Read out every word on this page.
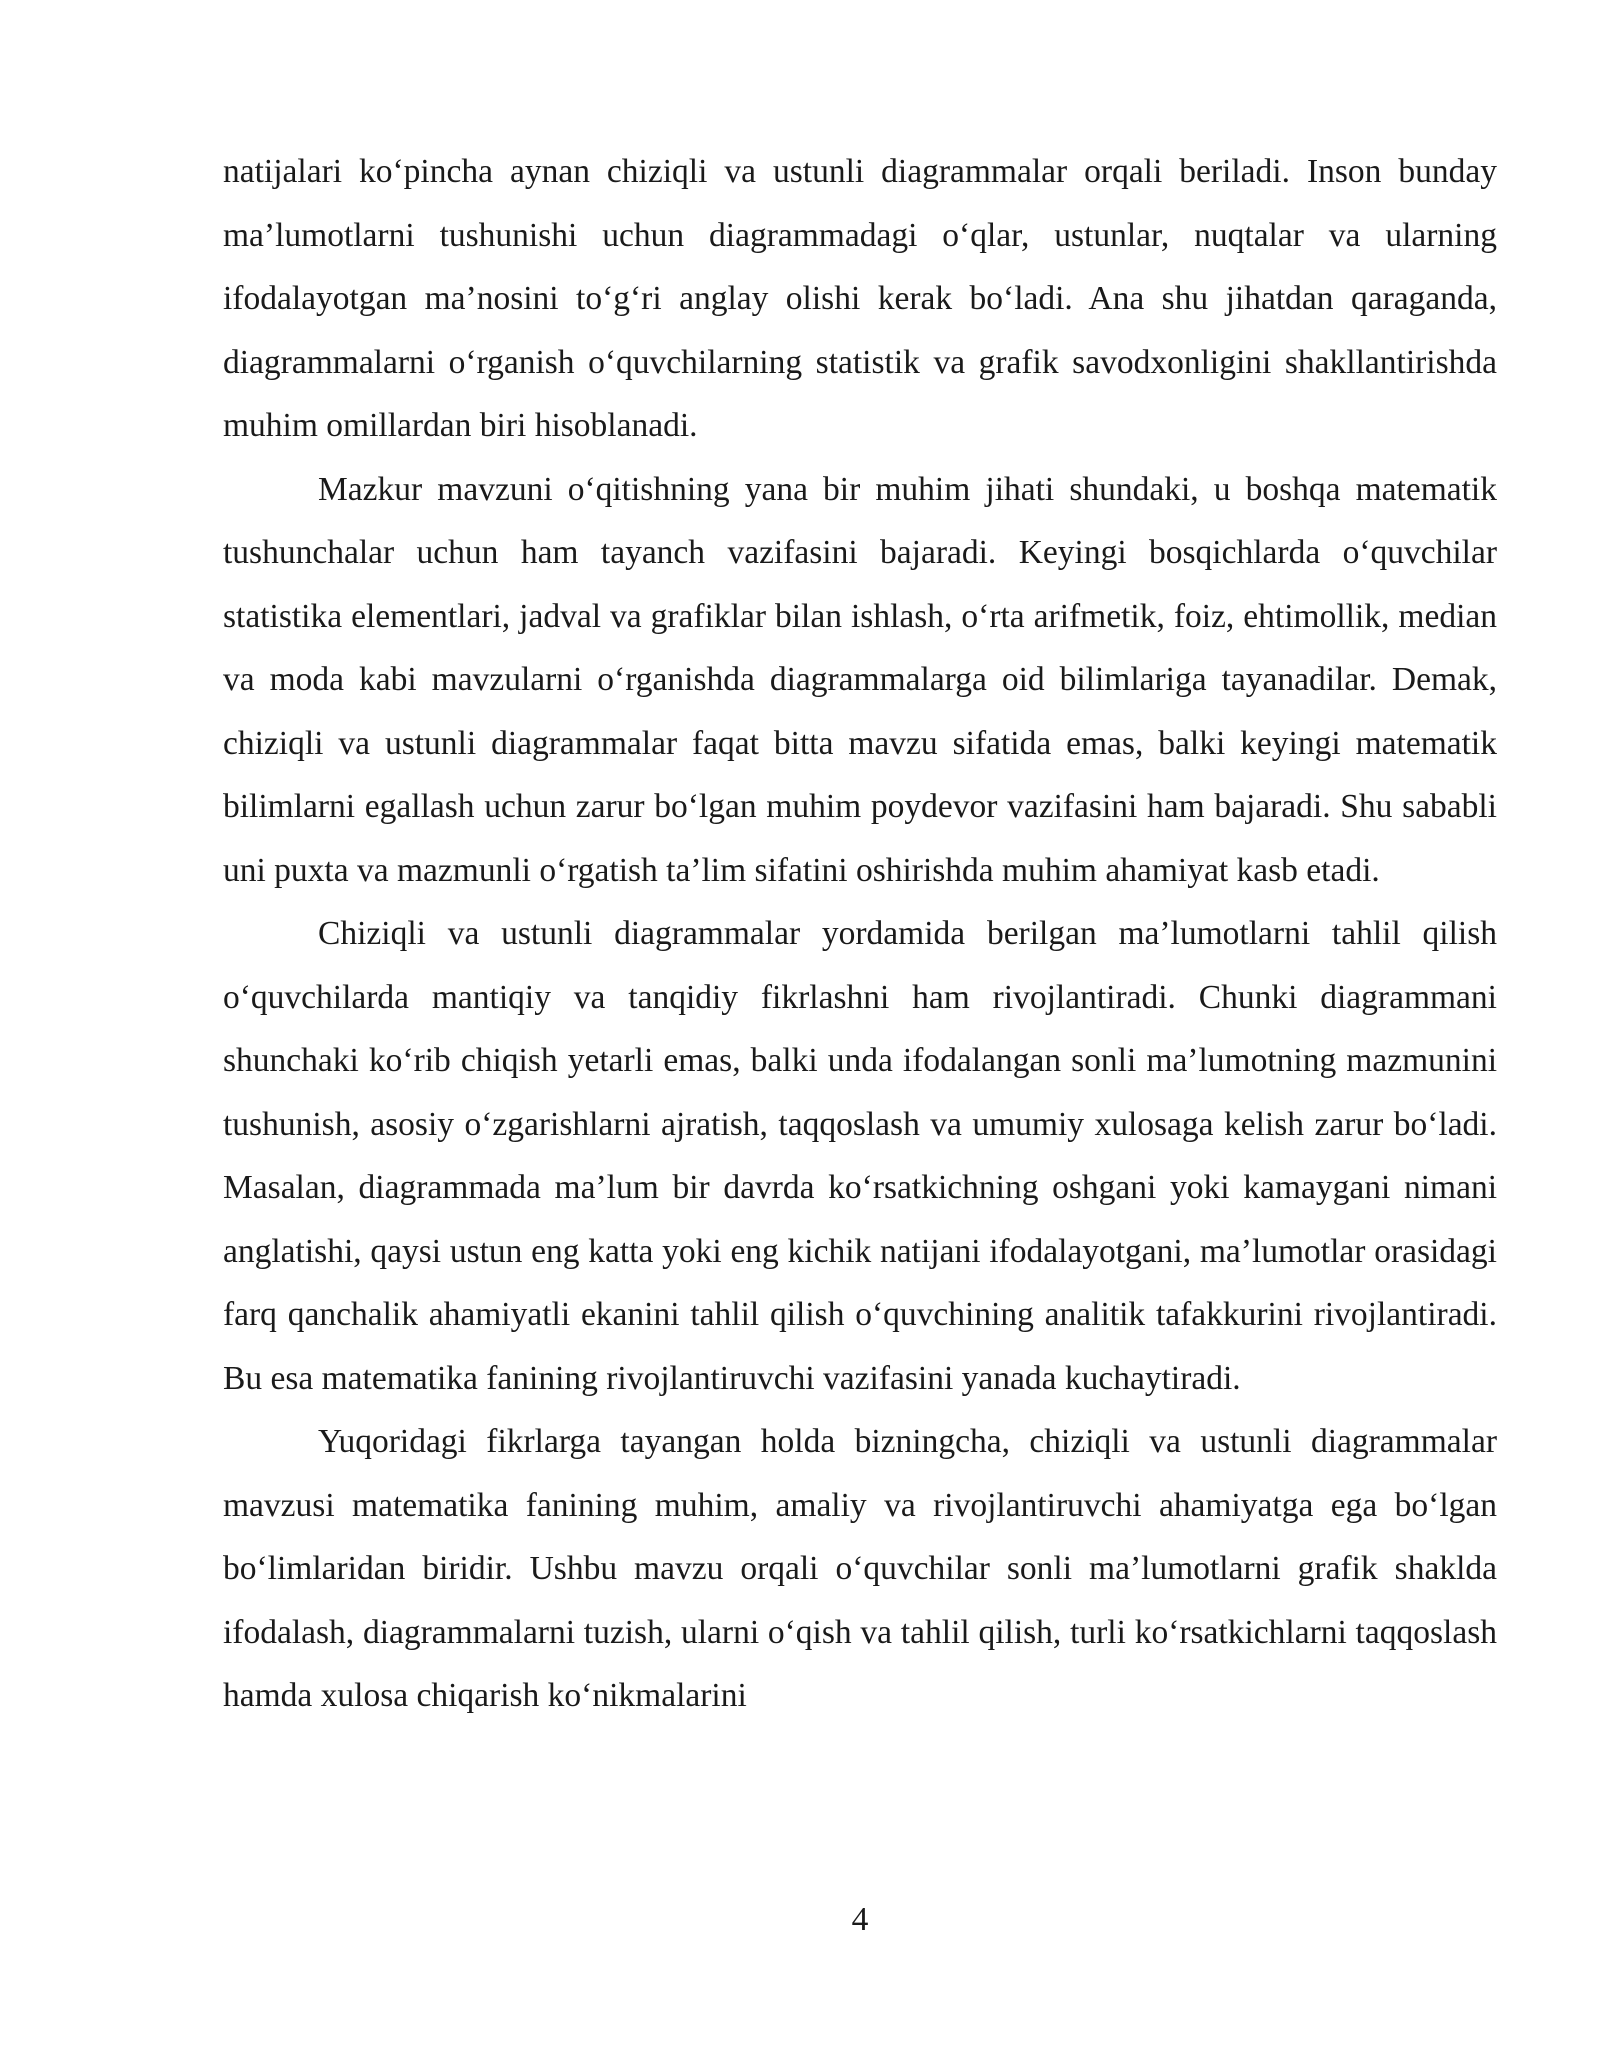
natijalari ko‘pincha aynan chiziqli va ustunli diagrammalar orqali beriladi. Inson bunday ma’lumotlarni tushunishi uchun diagrammadagi o‘qlar, ustunlar, nuqtalar va ularning ifodalayotgan ma’nosini to‘g‘ri anglay olishi kerak bo‘ladi. Ana shu jihatdan qaraganda, diagrammalarni o‘rganish o‘quvchilarning statistik va grafik savodxonligini shakllantirishda muhim omillardan biri hisoblanadi.

Mazkur mavzuni o‘qitishning yana bir muhim jihati shundaki, u boshqa matematik tushunchalar uchun ham tayanch vazifasini bajaradi. Keyingi bosqichlarda o‘quvchilar statistika elementlari, jadval va grafiklar bilan ishlash, o‘rta arifmetik, foiz, ehtimollik, median va moda kabi mavzularni o‘rganishda diagrammalarga oid bilimlariga tayanadilar. Demak, chiziqli va ustunli diagrammalar faqat bitta mavzu sifatida emas, balki keyingi matematik bilimlarni egallash uchun zarur bo‘lgan muhim poydevor vazifasini ham bajaradi. Shu sababli uni puxta va mazmunli o‘rgatish ta’lim sifatini oshirishda muhim ahamiyat kasb etadi.

Chiziqli va ustunli diagrammalar yordamida berilgan ma’lumotlarni tahlil qilish o‘quvchilarda mantiqiy va tanqidiy fikrlashni ham rivojlantiradi. Chunki diagrammani shunchaki ko‘rib chiqish yetarli emas, balki unda ifodalangan sonli ma’lumotning mazmunini tushunish, asosiy o‘zgarishlarni ajratish, taqqoslash va umumiy xulosaga kelish zarur bo‘ladi. Masalan, diagrammada ma’lum bir davrda ko‘rsatkichning oshgani yoki kamaygani nimani anglatishi, qaysi ustun eng katta yoki eng kichik natijani ifodalayotgani, ma’lumotlar orasidagi farq qanchalik ahamiyatli ekanini tahlil qilish o‘quvchining analitik tafakkurini rivojlantiradi. Bu esa matematika fanining rivojlantiruvchi vazifasini yanada kuchaytiradi.

Yuqoridagi fikrlarga tayangan holda bizningcha, chiziqli va ustunli diagrammalar mavzusi matematika fanining muhim, amaliy va rivojlantiruvchi ahamiyatga ega bo‘lgan bo‘limlaridan biridir. Ushbu mavzu orqali o‘quvchilar sonli ma’lumotlarni grafik shaklda ifodalash, diagrammalarni tuzish, ularni o‘qish va tahlil qilish, turli ko‘rsatkichlarni taqqoslash hamda xulosa chiqarish ko‘nikmalarini

4
